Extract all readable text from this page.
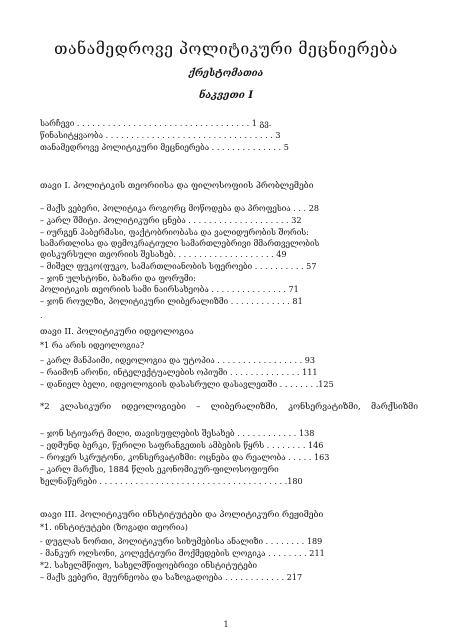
თანამედროვე პოლიტიკური მეცნიერება
ქრესტომათია
ნაკვეთი I
სარჩევი . . . . . . . . . . . . . . . . . . . . . . . . . . . . . . . . . . 1 გვ.
წინასიტყვაობა . . . . . . . . . . . . . . . . . . . . . . . . . . . . . . . . . 3
თანამედროვე პოლიტიკური მეცნიერება . . . . . . . . . . . . . . 5
თავი I. პოლიტიკის თეორიისა და ფილოსოფიის პრობლემები
– მაქს ვებერი, პოლიტიკა როგორც მოწოდება და პროფესია . . . 28
– კარლ შმიტი. პოლიტიკური ცნება . . . . . . . . . . . . . . . . . . . . 32
– იურგენ ჰაბერმასი, ფაქტობრიობასა და ვალიდურობის შორის:
სამართლისა და დემოკრატიული სამართლებრივი მმართველობის
დისკურსული თეორიის შესახებ. . . . . . . . . . . . . . . . . . . . 49
– მიშელ ფუკო(ფუკო, სამართლიანობის სფეროები . . . . . . . . . . 57
– ჯონ ულსტონი, ბაზარი და ფორუმი:
პოლიტიკის თეორიის სამი ნაირსახეობა . . . . . . . . . . . . . . . 71
– ჯონ როულზი, პოლიტიკური ლიბერალიზმი . . . . . . . . . . . . 81
.
თავი II. პოლიტიკური იდეოლოგია
*1 რა არის იდეოლოგია?
– კარლ მანჰაიმი, იდეოლოგია და უტოპია . . . . . . . . . . . . . . . . . 93
– რაიმონ არონი, ინტელექტუალების ოპიუმი . . . . . . . . . . . . . . 111
– დანიელ ბელი, იდეოლოგიის დასასრული დასავლეთში . . . . . . . .125
*2 კლასიკური იდეოლოგიები – ლიბერალიზმი, კონსერვატიზმი, მარქსიზმი
– ჯონ სტიუარტ მილი, თავისუფლების შესახებ . . . . . . . . . . . . 138
– ედმუნდ ბერკი, წერილი საფრანგეთის ამბების წყრს . . . . . . . . 146
– როჯერ სკრუტონი, კონსერვატიზმი: ოცნება და რეალობა . . . . . 163
– კარლ მარქსი, 1884 წლის ეკონომიკურ-ფილოსოფიური
ხელნაწერები . . . . . . . . . . . . . . . . . . . . . . . . . . . . . . . . . . . . .180
თავი III. პოლიტიკური ინსტიტუტები და პოლიტიკური რეჟიმები
*1. ინსტიტუტები (ზოგადი თეორია)
- დუგლას ნორთი, პოლიტიკური სიხუმებისა ანალიზი . . . . . . . . 189
- მანკურ ოლსონი, კოლექტიური მოქმედების ლოგიკა . . . . . . . . 211
*2. სახელმწიფო, სახელმწიფოებრივი ინსტიტუტები
– მაქს ვებერი, მეურნეობა და საზოგადოება . . . . . . . . . . . . 217
1
